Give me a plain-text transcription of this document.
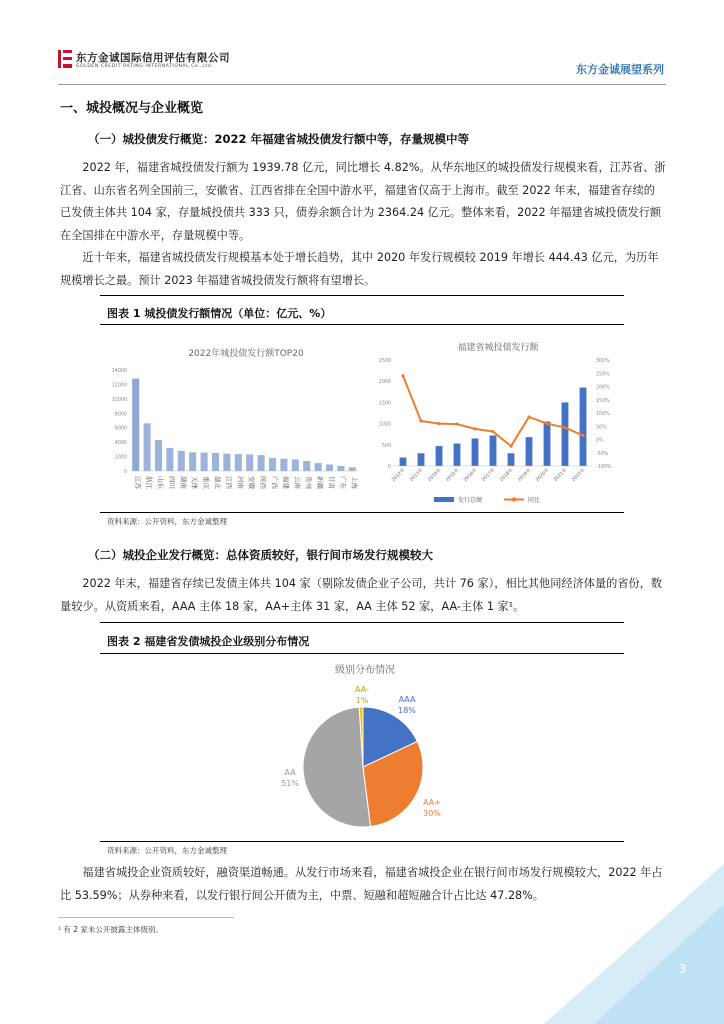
东方金诚国际信用评估有限公司
GOLDEN CREDIT RATING INTERNATIONAL Co.,Ltd.	东方金诚展望系列
一、城投概况与企业概览
（一）城投债发行概览：2022 年福建省城投债发行额中等，存量规模中等

2022 年，福建省城投债发行额为 1939.78 亿元，同比增长 4.82%。从华东地区的城投债发行规模来看，江苏省、浙江省、山东省名列全国前三，安徽省、江西省排在全国中游水平，福建省仅高于上海市。截至 2022 年末，福建省存续的已发债主体共 104 家，存量城投债共 333 只，债券余额合计为 2364.24 亿元。整体来看，2022 年福建省城投债发行额在全国排在中游水平，存量规模中等。

近十年来，福建省城投债发行规模基本处于增长趋势，其中 2020 年发行规模较 2019 年增长 444.43 亿元，为历年规模增长之最。预计 2023 年福建省城投债发行额将有望增长。

图表 1 城投债发行额情况（单位：亿元、%）
2022年城投债发行额TOP20
0
2000
4000
6000
8000
10000
12000
14000
江苏 浙江 山东 四川 湖南 天津 重庆 湖北 江西 河南 安徽 陕西 广西 福建 云南 贵州 新疆 甘肃 广东 上海
福建省城投债发行额
0
500
1000
1500
2000
2500
-100%
-50%
0%
50%
100%
150%
200%
250%
300%
2012年 2013年 2014年 2015年 2016年 2017年 2018年 2019年 2020年 2021年 2022年
发行总额	同比
资料来源：公开资料，东方金诚整理
（二）城投企业发行概览：总体资质较好，银行间市场发行规模较大

2022 年末，福建省存续已发债主体共 104 家（剔除发债企业子公司，共计 76 家），相比其他同经济体量的省份，数量较少。从资质来看，AAA 主体 18 家，AA+主体 31 家，AA 主体 52 家，AA-主体 1 家¹。

图表 2 福建省发债城投企业级别分布情况
级别分布情况
AA-
1%	AAA
18%
AA+
30%
AA
51%
资料来源：公开资料，东方金诚整理

福建省城投企业资质较好，融资渠道畅通。从发行市场来看，福建省城投企业在银行间市场发行规模较大，2022 年占比 53.59%；从券种来看，以发行银行间公开债为主，中票、短融和超短融合计占比达 47.28%。

¹ 有 2 家未公开披露主体级别。
3
